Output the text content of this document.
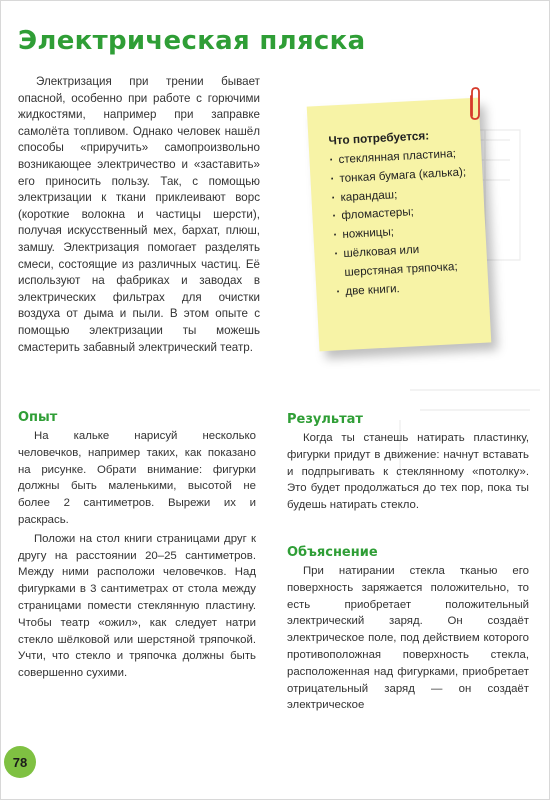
Электрическая пляска

Электризация при трении бывает опасной, особенно при работе с горючими жидкостями, например при заправке самолёта топливом. Однако человек нашёл способы «приручить» самопроизвольно возникающее электричество и «заставить» его приносить пользу. Так, с помощью электризации к ткани приклеивают ворс (короткие волокна и частицы шерсти), получая искусственный мех, бархат, плюш, замшу. Электризация помогает разделять смеси, состоящие из различных частиц. Её используют на фабриках и заводах в электрических фильтрах для очистки воздуха от дыма и пыли. В этом опыте с помощью электризации ты можешь смастерить забавный электрический театр.

Что потребуется:

· стеклянная пластина;
· тонкая бумага (калька);
· карандаш;
· фломастеры;
· ножницы;
· шёлковая или шерстяная тряпочка;
· две книги.
Опыт

На кальке нарисуй несколько человечков, например таких, как показано на рисунке. Обрати внимание: фигурки должны быть маленькими, высотой не более 2 сантиметров. Вырежи их и раскрась.

Положи на стол книги страницами друг к другу на расстоянии 20–25 сантиметров. Между ними расположи человечков. Над фигурками в 3 сантиметрах от стола между страницами помести стеклянную пластину. Чтобы театр «ожил», как следует натри стекло шёлковой или шерстяной тряпочкой. Учти, что стекло и тряпочка должны быть совершенно сухими.

Результат

Когда ты станешь натирать пластинку, фигурки придут в движение: начнут вставать и подпрыгивать к стеклянному «потолку». Это будет продолжаться до тех пор, пока ты будешь натирать стекло.

Объяснение

При натирании стекла тканью его поверхность заряжается положительно, то есть приобретает положительный электрический заряд. Он создаёт электрическое поле, под действием которого противоположная поверхность стекла, расположенная над фигурками, приобретает отрицательный заряд — он создаёт электрическое

78
